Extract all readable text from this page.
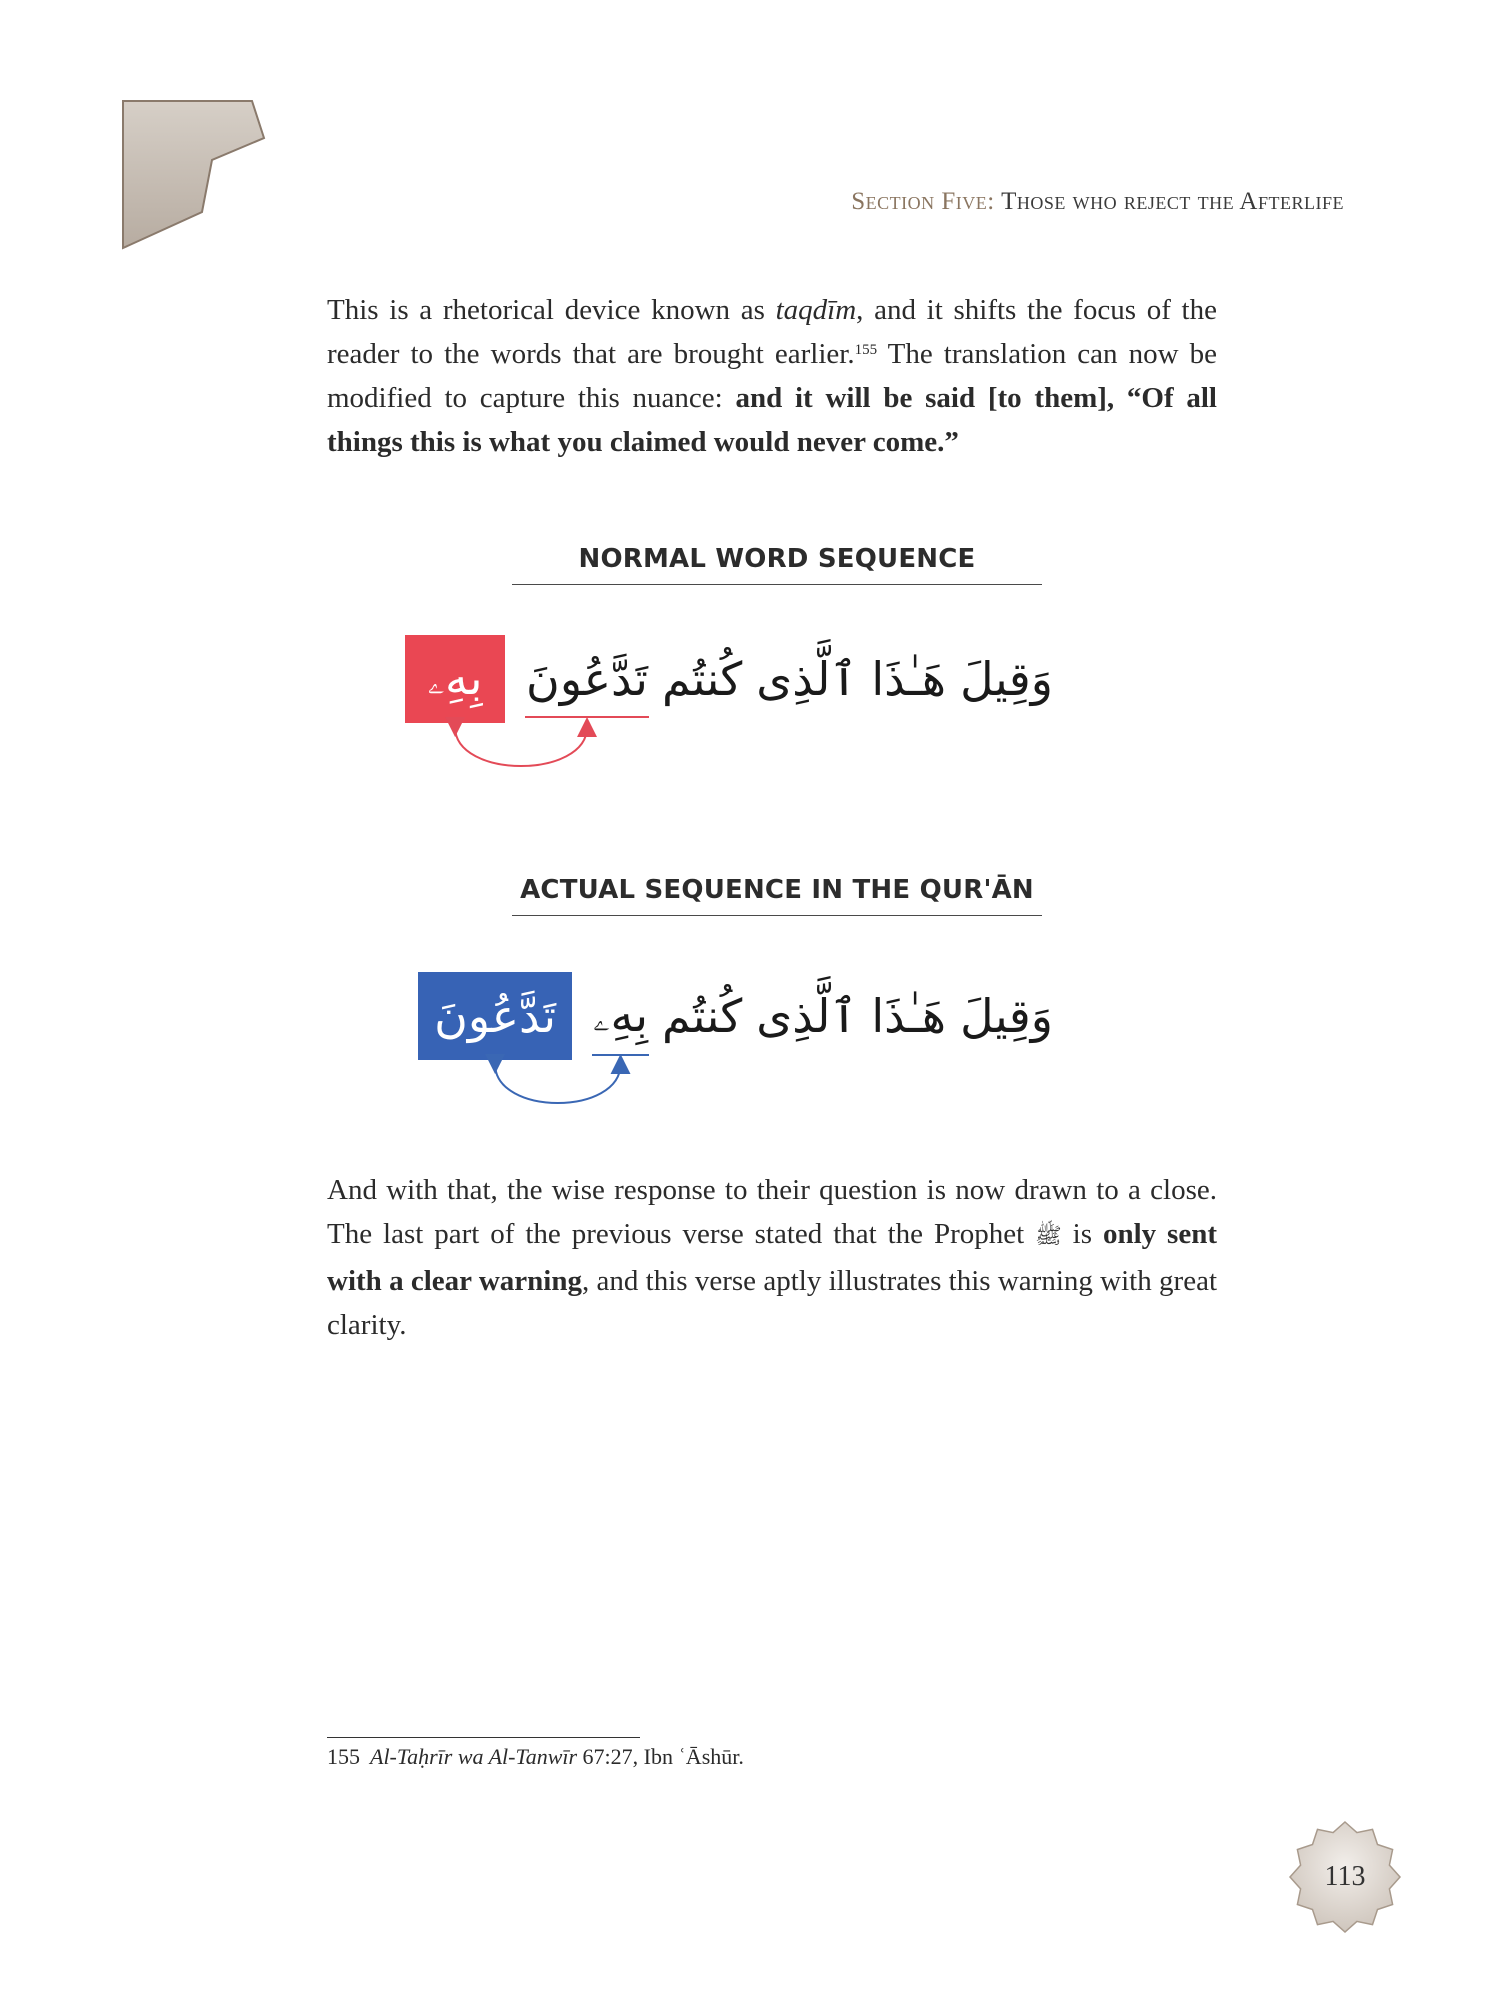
Section Five: Those who reject the Afterlife

This is a rhetorical device known as taqdīm, and it shifts the focus of the reader to the words that are brought earlier.$^{155}$ The translation can now be modified to capture this nuance: and it will be said [to them], “Of all things this is what you claimed would never come.”

NORMAL WORD SEQUENCE
وَقِيلَ
هَـٰذَا
ٱلَّذِى
كُنتُم
تَدَّعُونَ
بِهِۦ
ACTUAL SEQUENCE IN THE QUR'ĀN
وَقِيلَ
هَـٰذَا
ٱلَّذِى
كُنتُم
بِهِۦ
تَدَّعُونَ

And with that, the wise response to their question is now drawn to a close. The last part of the previous verse stated that the Prophet ﷺ is only sent with a clear warning, and this verse aptly illustrates this warning with great clarity.

155 Al-Taḥrīr wa Al-Tanwīr 67:27, Ibn ʿĀshūr.
113
